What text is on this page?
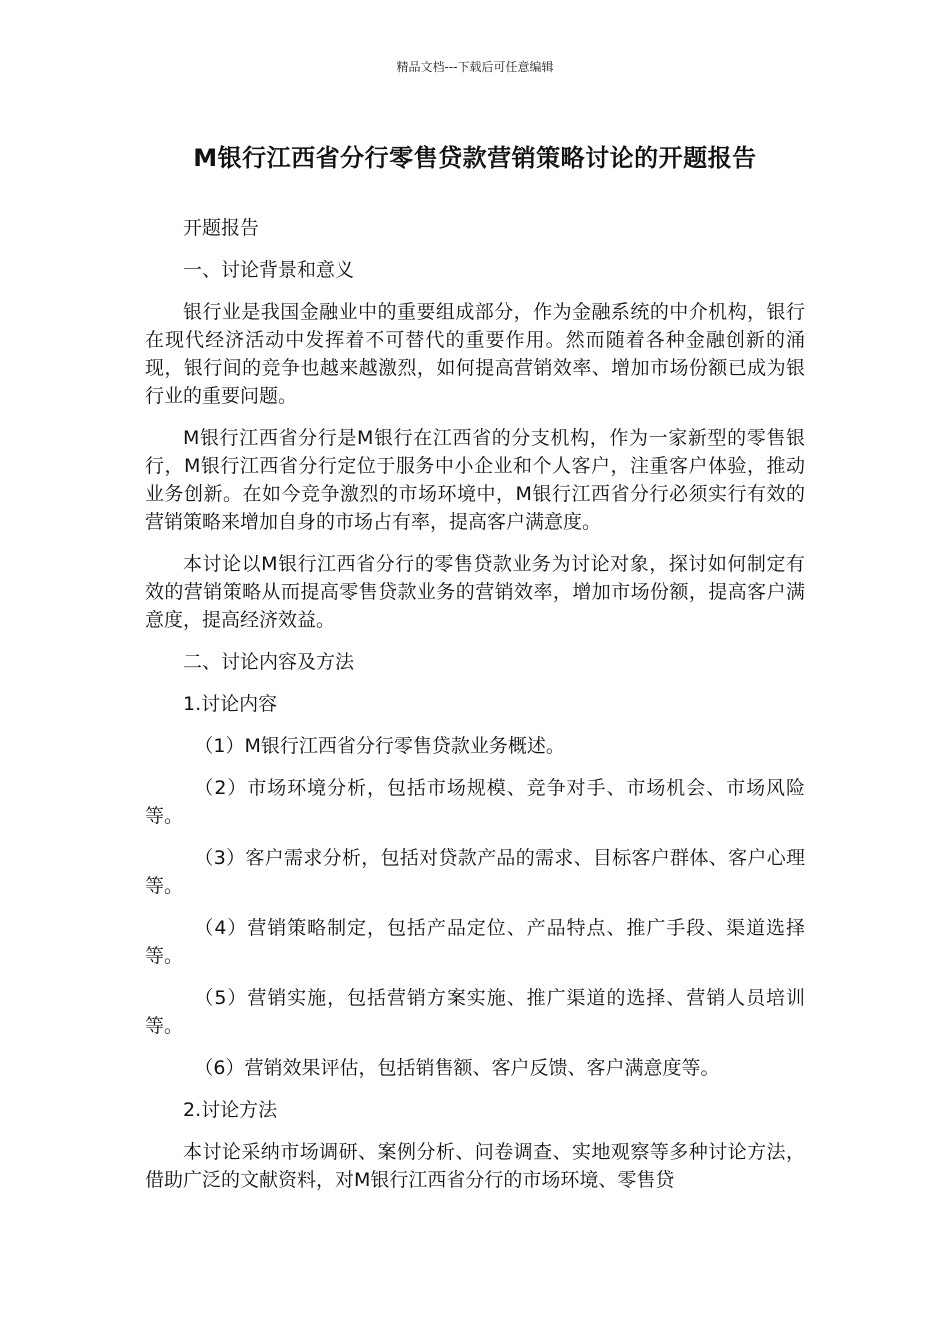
精品文档---下载后可任意编辑
M银行江西省分行零售贷款营销策略讨论的开题报告

开题报告

一、讨论背景和意义

银行业是我国金融业中的重要组成部分，作为金融系统的中介机构，银行在现代经济活动中发挥着不可替代的重要作用。然而随着各种金融创新的涌现，银行间的竞争也越来越激烈，如何提高营销效率、增加市场份额已成为银行业的重要问题。

M银行江西省分行是M银行在江西省的分支机构，作为一家新型的零售银行，M银行江西省分行定位于服务中小企业和个人客户，注重客户体验，推动业务创新。在如今竞争激烈的市场环境中，M银行江西省分行必须实行有效的营销策略来增加自身的市场占有率，提高客户满意度。

本讨论以M银行江西省分行的零售贷款业务为讨论对象，探讨如何制定有效的营销策略从而提高零售贷款业务的营销效率，增加市场份额，提高客户满意度，提高经济效益。

二、讨论内容及方法

1.讨论内容

（1）M银行江西省分行零售贷款业务概述。

（2）市场环境分析，包括市场规模、竞争对手、市场机会、市场风险等。

（3）客户需求分析，包括对贷款产品的需求、目标客户群体、客户心理等。

（4）营销策略制定，包括产品定位、产品特点、推广手段、渠道选择等。

（5）营销实施，包括营销方案实施、推广渠道的选择、营销人员培训等。

（6）营销效果评估，包括销售额、客户反馈、客户满意度等。

2.讨论方法

本讨论采纳市场调研、案例分析、问卷调查、实地观察等多种讨论方法，借助广泛的文献资料，对M银行江西省分行的市场环境、零售贷
